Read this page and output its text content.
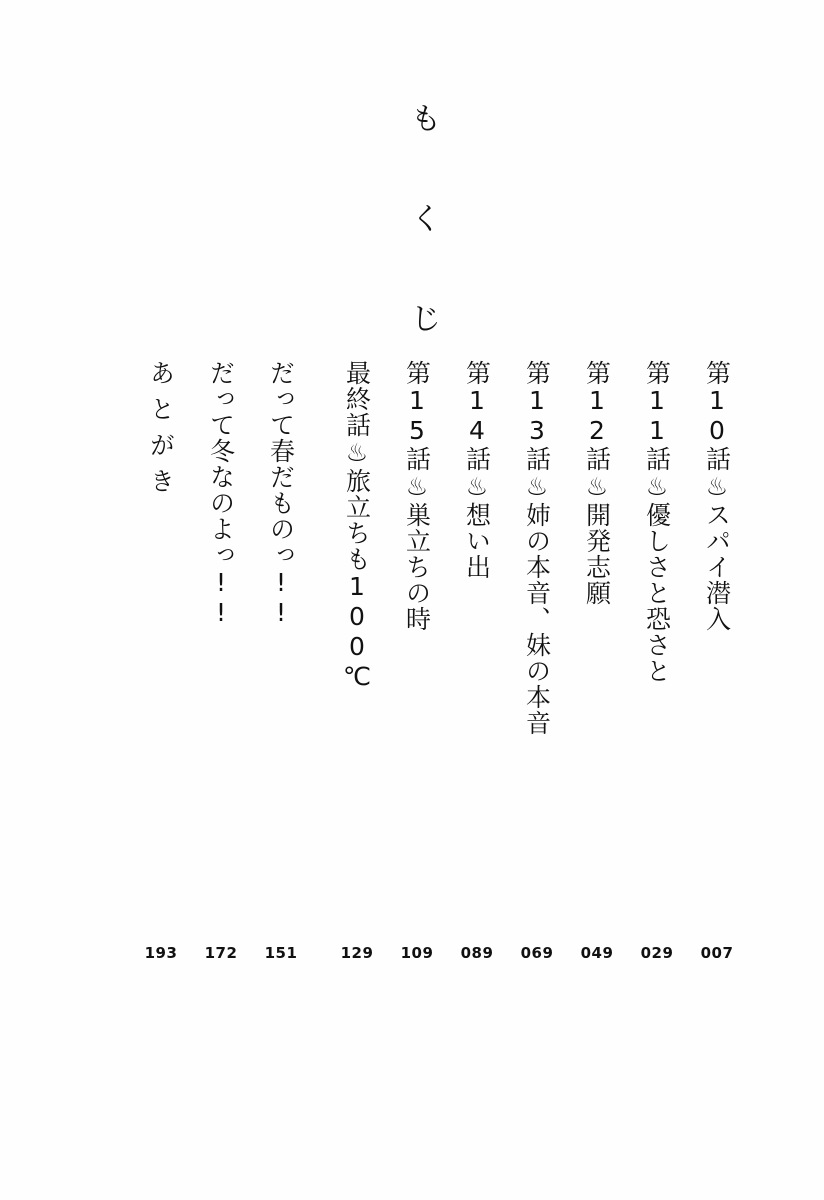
も
く
じ
第10話♨スパイ潜入
第11話♨優しさと恐さと
第12話♨開発志願
第13話♨姉の本音、妹の本音
第14話♨想い出
第15話♨巣立ちの時
最終話♨旅立ちも100℃
だって春だものっ!!
だって冬なのよっ!!
あとがき
007
029
049
069
089
109
129
151
172
193
